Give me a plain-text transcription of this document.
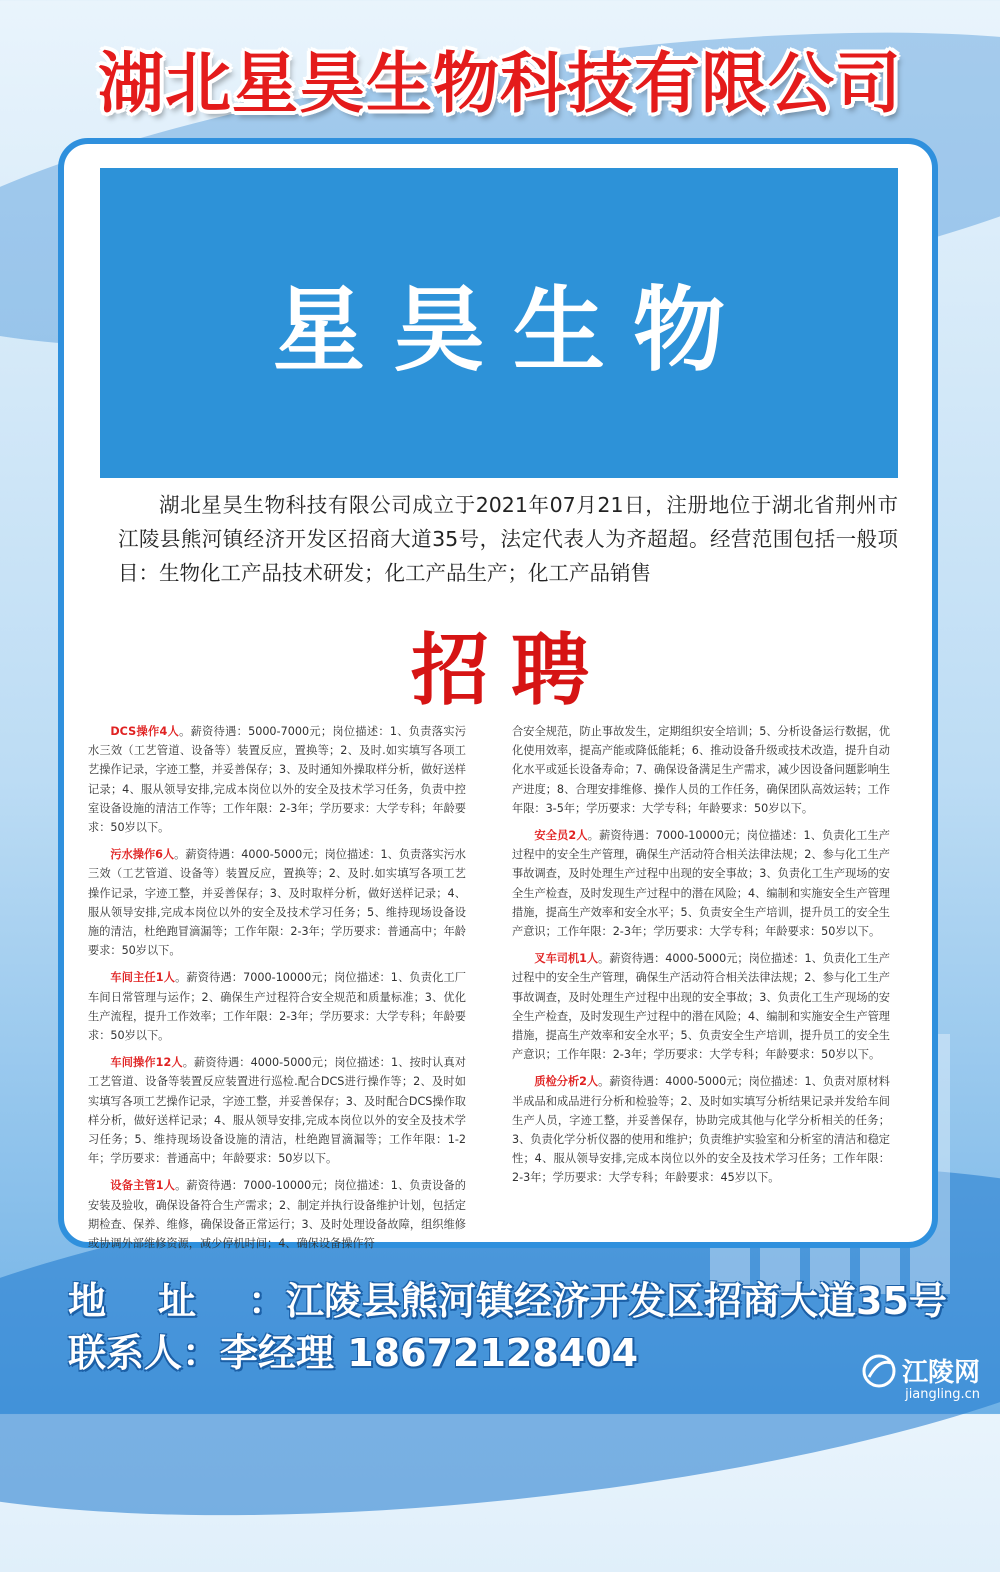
湖北星昊生物科技有限公司
星昊生物
湖北星昊生物科技有限公司成立于2021年07月21日，注册地位于湖北省荆州市江陵县熊河镇经济开发区招商大道35号，法定代表人为齐超超。经营范围包括一般项目：生物化工产品技术研发；化工产品生产；化工产品销售
招聘

DCS操作4人。薪资待遇：5000-7000元；岗位描述：1、负责落实污水三效（工艺管道、设备等）装置反应，置换等；2、及时.如实填写各项工艺操作记录，字迹工整，并妥善保存；3、及时通知外操取样分析，做好送样记录；4、服从领导安排,完成本岗位以外的安全及技术学习任务，负责中控室设备设施的清洁工作等；工作年限：2-3年；学历要求：大学专科；年龄要求：50岁以下。

污水操作6人。薪资待遇：4000-5000元；岗位描述：1、负责落实污水三效（工艺管道、设备等）装置反应，置换等；2、及时.如实填写各项工艺操作记录，字迹工整，并妥善保存；3、及时取样分析，做好送样记录；4、服从领导安排,完成本岗位以外的安全及技术学习任务；5、维持现场设备设施的清洁，杜绝跑冒滴漏等；工作年限：2-3年；学历要求：普通高中；年龄要求：50岁以下。

车间主任1人。薪资待遇：7000-10000元；岗位描述：1、负责化工厂车间日常管理与运作；2、确保生产过程符合安全规范和质量标准；3、优化生产流程，提升工作效率；工作年限：2-3年；学历要求：大学专科；年龄要求：50岁以下。

车间操作12人。薪资待遇：4000-5000元；岗位描述：1、按时认真对工艺管道、设备等装置反应装置进行巡检.配合DCS进行操作等；2、及时如实填写各项工艺操作记录，字迹工整，并妥善保存；3、及时配合DCS操作取样分析，做好送样记录；4、服从领导安排,完成本岗位以外的安全及技术学习任务；5、维持现场设备设施的清洁，杜绝跑冒滴漏等；工作年限：1-2年；学历要求：普通高中；年龄要求：50岁以下。

设备主管1人。薪资待遇：7000-10000元；岗位描述：1、负责设备的安装及验收，确保设备符合生产需求；2、制定并执行设备维护计划，包括定期检查、保养、维修，确保设备正常运行；3、及时处理设备故障，组织维修或协调外部维修资源，减少停机时间；4、确保设备操作符

合安全规范，防止事故发生，定期组织安全培训；5、分析设备运行数据，优化使用效率，提高产能或降低能耗；6、推动设备升级或技术改造，提升自动化水平或延长设备寿命；7、确保设备满足生产需求，减少因设备问题影响生产进度；8、合理安排维修、操作人员的工作任务，确保团队高效运转；工作年限：3-5年；学历要求：大学专科；年龄要求：50岁以下。

安全员2人。薪资待遇：7000-10000元；岗位描述：1、负责化工生产过程中的安全生产管理，确保生产活动符合相关法律法规；2、参与化工生产事故调查，及时处理生产过程中出现的安全事故；3、负责化工生产现场的安全生产检查，及时发现生产过程中的潜在风险；4、编制和实施安全生产管理措施，提高生产效率和安全水平；5、负责安全生产培训，提升员工的安全生产意识；工作年限：2-3年；学历要求：大学专科；年龄要求：50岁以下。

叉车司机1人。薪资待遇：4000-5000元；岗位描述：1、负责化工生产过程中的安全生产管理，确保生产活动符合相关法律法规；2、参与化工生产事故调查，及时处理生产过程中出现的安全事故；3、负责化工生产现场的安全生产检查，及时发现生产过程中的潜在风险；4、编制和实施安全生产管理措施，提高生产效率和安全水平；5、负责安全生产培训，提升员工的安全生产意识；工作年限：2-3年；学历要求：大学专科；年龄要求：50岁以下。

质检分析2人。薪资待遇：4000-5000元；岗位描述：1、负责对原材料半成品和成品进行分析和检验等；2、及时如实填写分析结果记录并发给车间生产人员，字迹工整，并妥善保存，协助完成其他与化学分析相关的任务；3、负责化学分析仪器的使用和维护；负责维护实验室和分析室的清洁和稳定性；4、服从领导安排,完成本岗位以外的安全及技术学习任务；工作年限：2-3年；学历要求：大学专科；年龄要求：45岁以下。

地址：江陵县熊河镇经济开发区招商大道35号
联系人：李经理 18672128404	江陵网
jiangling.cn
